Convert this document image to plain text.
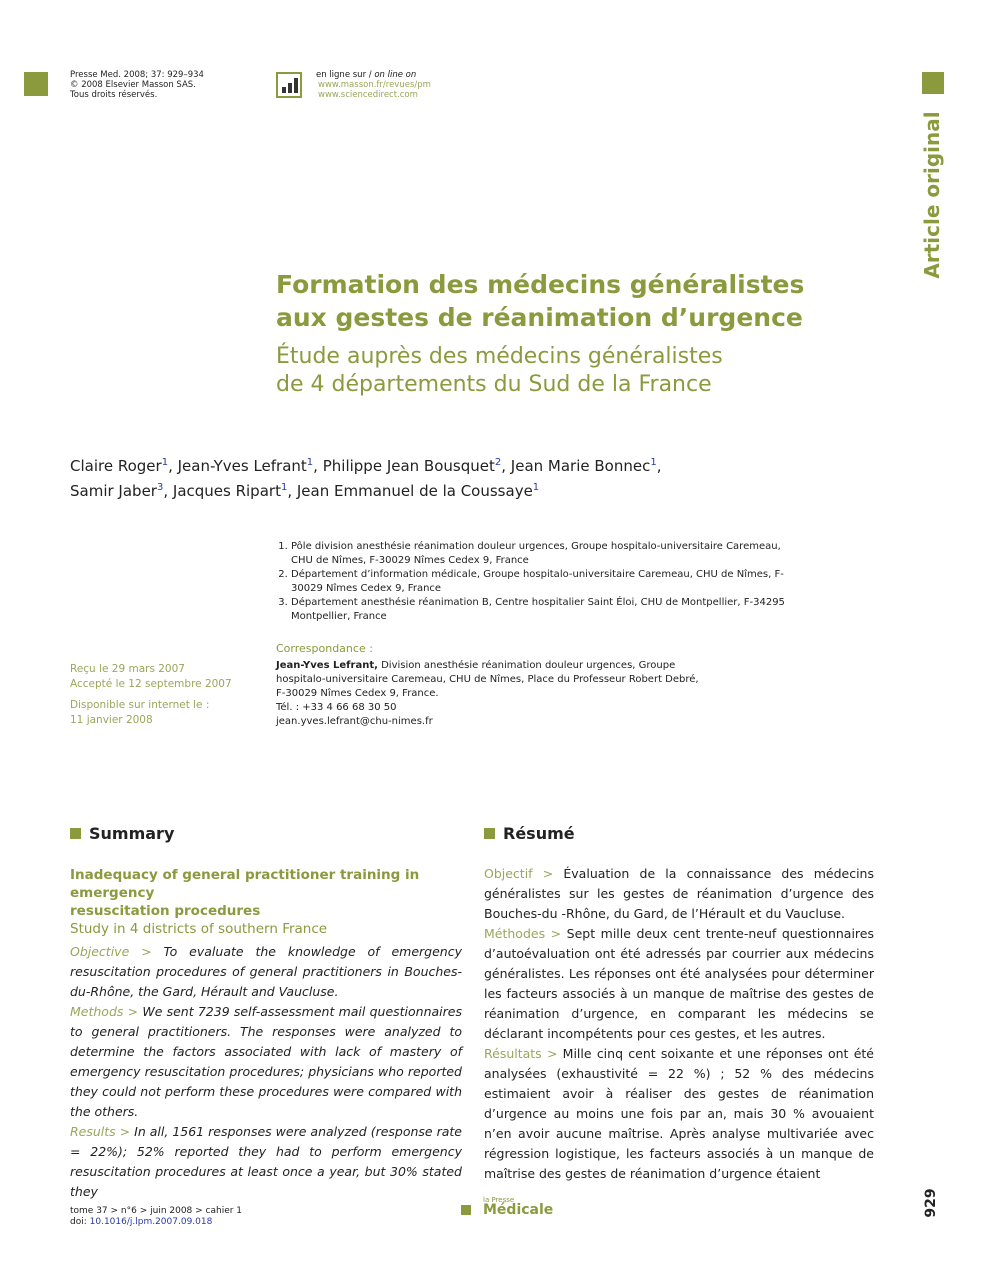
Presse Med. 2008; 37: 929–934
© 2008 Elsevier Masson SAS.
Tous droits réservés.
en ligne sur / on line on
www.masson.fr/revues/pm
www.sciencedirect.com
Article original
Formation des médecins généralistes
aux gestes de réanimation d’urgence
Étude auprès des médecins généralistes
de 4 départements du Sud de la France
Claire Roger$^1$, Jean-Yves Lefrant$^1$, Philippe Jean Bousquet$^2$, Jean Marie Bonnec$^1$,
Samir Jaber$^3$, Jacques Ripart$^1$, Jean Emmanuel de la Coussaye$^1$
1. Pôle division anesthésie réanimation douleur urgences, Groupe hospitalo-universitaire Caremeau, CHU de Nîmes, F-30029 Nîmes Cedex 9, France
2. Département d’information médicale, Groupe hospitalo-universitaire Caremeau, CHU de Nîmes, F-30029 Nîmes Cedex 9, France
3. Département anesthésie réanimation B, Centre hospitalier Saint Éloi, CHU de Montpellier, F-34295 Montpellier, France
Reçu le 29 mars 2007
Accepté le 12 septembre 2007
Disponible sur internet le :
11 janvier 2008
Correspondance :
Jean-Yves Lefrant, Division anesthésie réanimation douleur urgences, Groupe
hospitalo-universitaire Caremeau, CHU de Nîmes, Place du Professeur Robert Debré,
F-30029 Nîmes Cedex 9, France.
Tél. : +33 4 66 68 30 50
jean.yves.lefrant@chu-nimes.fr
Summary
Inadequacy of general practitioner training in emergency
resuscitation procedures
Study in 4 districts of southern France
Objective > To evaluate the knowledge of emergency resuscitation procedures of general practitioners in Bouches-du-Rhône, the Gard, Hérault and Vaucluse.
Methods > We sent 7239 self-assessment mail questionnaires to general practitioners. The responses were analyzed to determine the factors associated with lack of mastery of emergency resuscitation procedures; physicians who reported they could not perform these procedures were compared with the others.
Results > In all, 1561 responses were analyzed (response rate = 22%); 52% reported they had to perform emergency resuscitation procedures at least once a year, but 30% stated they
Résumé
Objectif > Évaluation de la connaissance des médecins généralistes sur les gestes de réanimation d’urgence des Bouches-du -Rhône, du Gard, de l’Hérault et du Vaucluse.
Méthodes > Sept mille deux cent trente-neuf questionnaires d’autoévaluation ont été adressés par courrier aux médecins généralistes. Les réponses ont été analysées pour déterminer les facteurs associés à un manque de maîtrise des gestes de réanimation d’urgence, en comparant les médecins se déclarant incompétents pour ces gestes, et les autres.
Résultats > Mille cinq cent soixante et une réponses ont été analysées (exhaustivité = 22 %) ; 52 % des médecins estimaient avoir à réaliser des gestes de réanimation d’urgence au moins une fois par an, mais 30 % avouaient n’en avoir aucune maîtrise. Après analyse multivariée avec régression logistique, les facteurs associés à un manque de maîtrise des gestes de réanimation d’urgence étaient
tome 37 > n°6 > juin 2008 > cahier 1
doi: 10.1016/j.lpm.2007.09.018
la Presse
Médicale	929
